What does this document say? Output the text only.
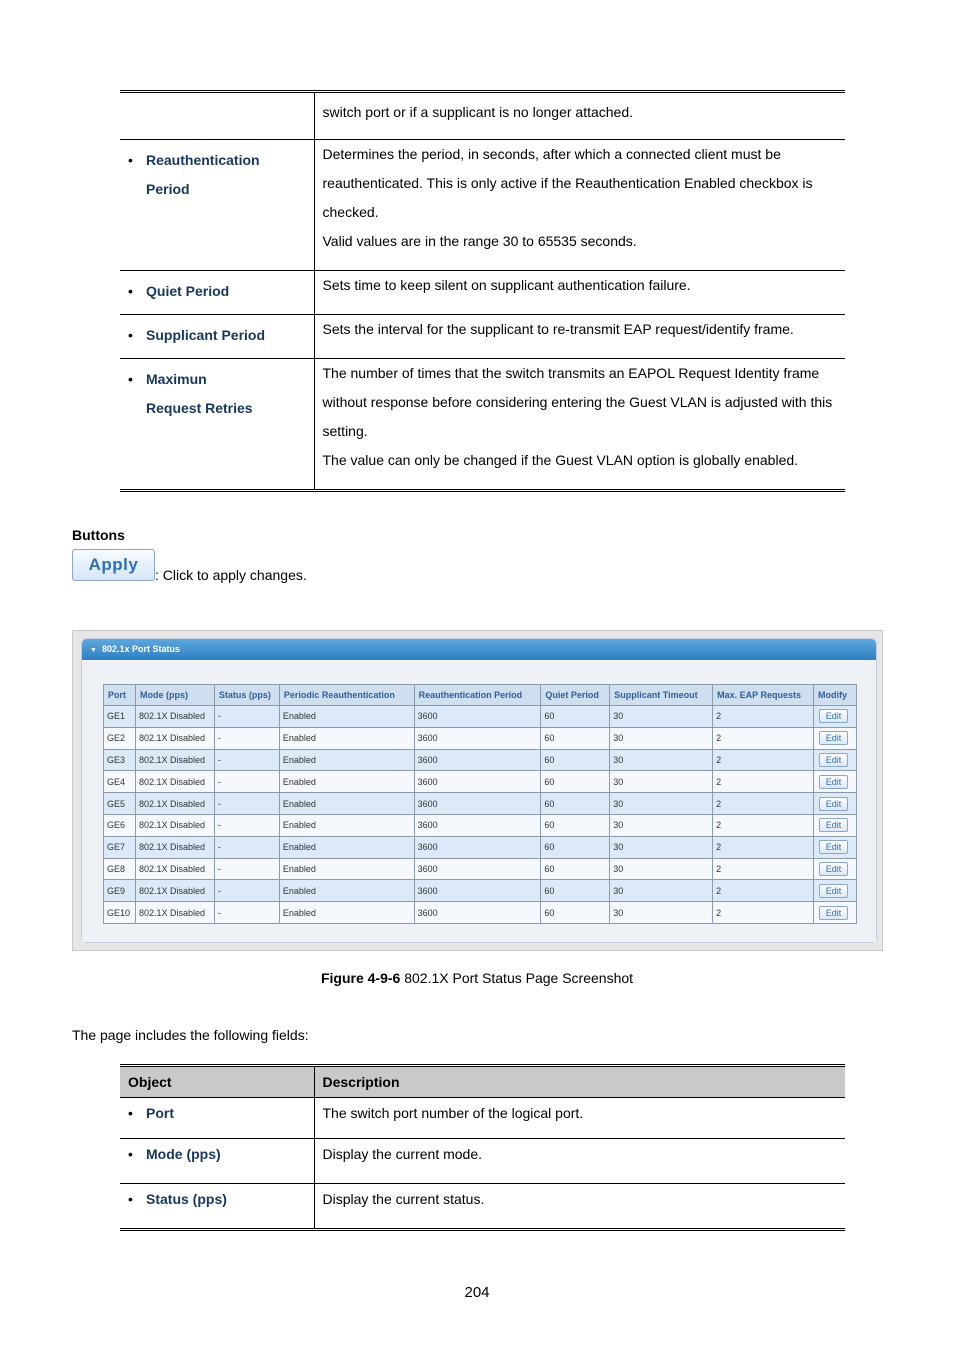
	switch port or if a supplicant is no longer attached.

• Reauthentication Period	Determines the period, in seconds, after which a connected client must be reauthenticated. This is only active if the Reauthentication Enabled checkbox is checked.
Valid values are in the range 30 to 65535 seconds.

• Quiet Period	Sets time to keep silent on supplicant authentication failure.

• Supplicant Period	Sets the interval for the supplicant to re-transmit EAP request/identify frame.

• Maximun Request Retries	The number of times that the switch transmits an EAPOL Request Identity frame without response before considering entering the Guest VLAN is adjusted with this setting.
The value can only be changed if the Guest VLAN option is globally enabled.
Buttons
Apply
: Click to apply changes.
▼ 802.1x Port Status
Port	Mode (pps)	Status (pps)	Periodic Reauthentication	Reauthentication Period	Quiet Period	Supplicant Timeout	Max. EAP Requests	Modify
GE1	802.1X Disabled	-	Enabled	3600	60	30	2	Edit
GE2	802.1X Disabled	-	Enabled	3600	60	30	2	Edit
GE3	802.1X Disabled	-	Enabled	3600	60	30	2	Edit
GE4	802.1X Disabled	-	Enabled	3600	60	30	2	Edit
GE5	802.1X Disabled	-	Enabled	3600	60	30	2	Edit
GE6	802.1X Disabled	-	Enabled	3600	60	30	2	Edit
GE7	802.1X Disabled	-	Enabled	3600	60	30	2	Edit
GE8	802.1X Disabled	-	Enabled	3600	60	30	2	Edit
GE9	802.1X Disabled	-	Enabled	3600	60	30	2	Edit
GE10	802.1X Disabled	-	Enabled	3600	60	30	2	Edit
Figure 4-9-6 802.1X Port Status Page Screenshot
The page includes the following fields:
Object	Description

• Port	The switch port number of the logical port.

• Mode (pps)	Display the current mode.

• Status (pps)	Display the current status.
204
